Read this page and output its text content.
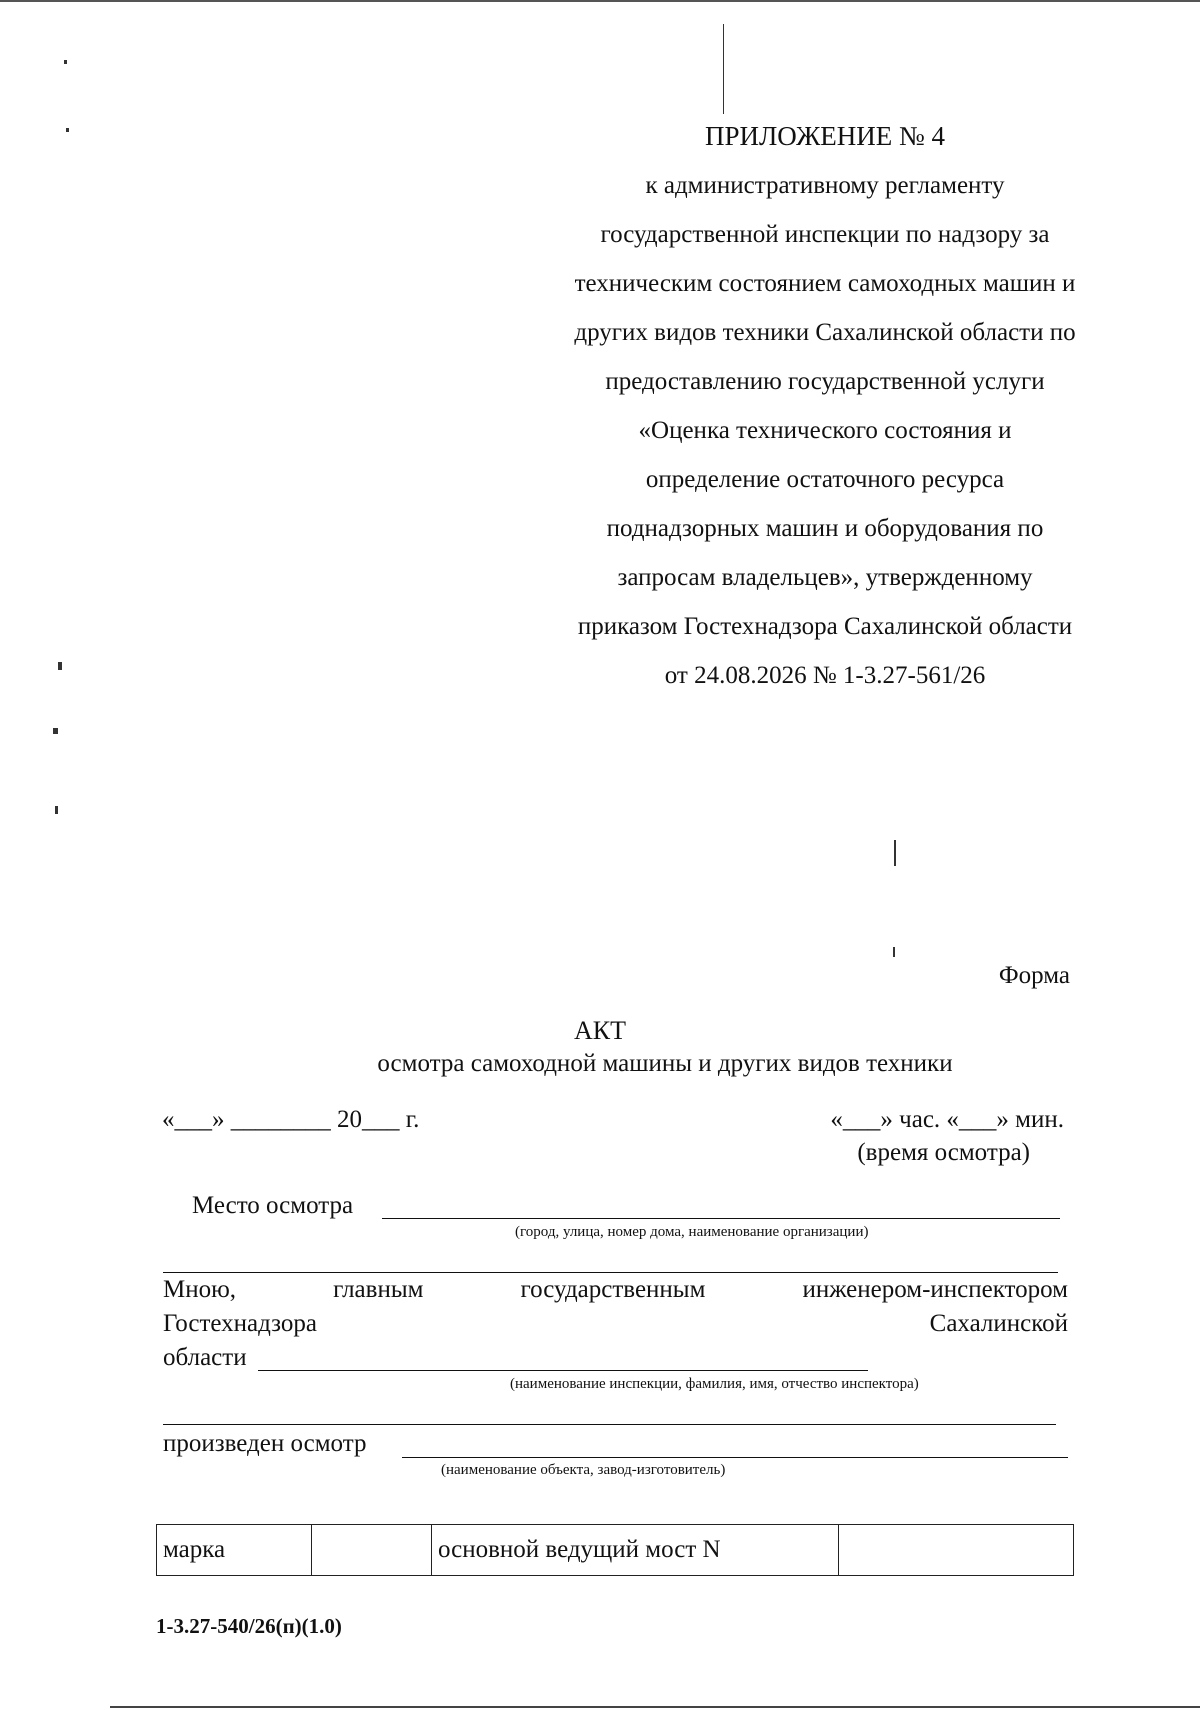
ПРИЛОЖЕНИЕ № 4
к административному регламенту
государственной инспекции по надзору за
техническим состоянием самоходных машин и
других видов техники Сахалинской области по
предоставлению государственной услуги
«Оценка технического состояния и
определение остаточного ресурса
поднадзорных машин и оборудования по
запросам владельцев», утвержденному
приказом Гостехнадзора Сахалинской области
от 24.08.2026 № 1-3.27-561/26
Форма
АКТ
осмотра самоходной машины и других видов техники
«___» ________ 20___ г.	«___» час. «___» мин.
(время осмотра)
Место осмотра
(город, улица, номер дома, наименование организации)
Мною,	главным	государственным	инженером-инспектором
Гостехнадзора	Сахалинской
области
(наименование инспекции, фамилия, имя, отчество инспектора)
произведен осмотр
(наименование объекта, завод-изготовитель)
марка		основной ведущий мост N	
1-3.27-540/26(п)(1.0)
